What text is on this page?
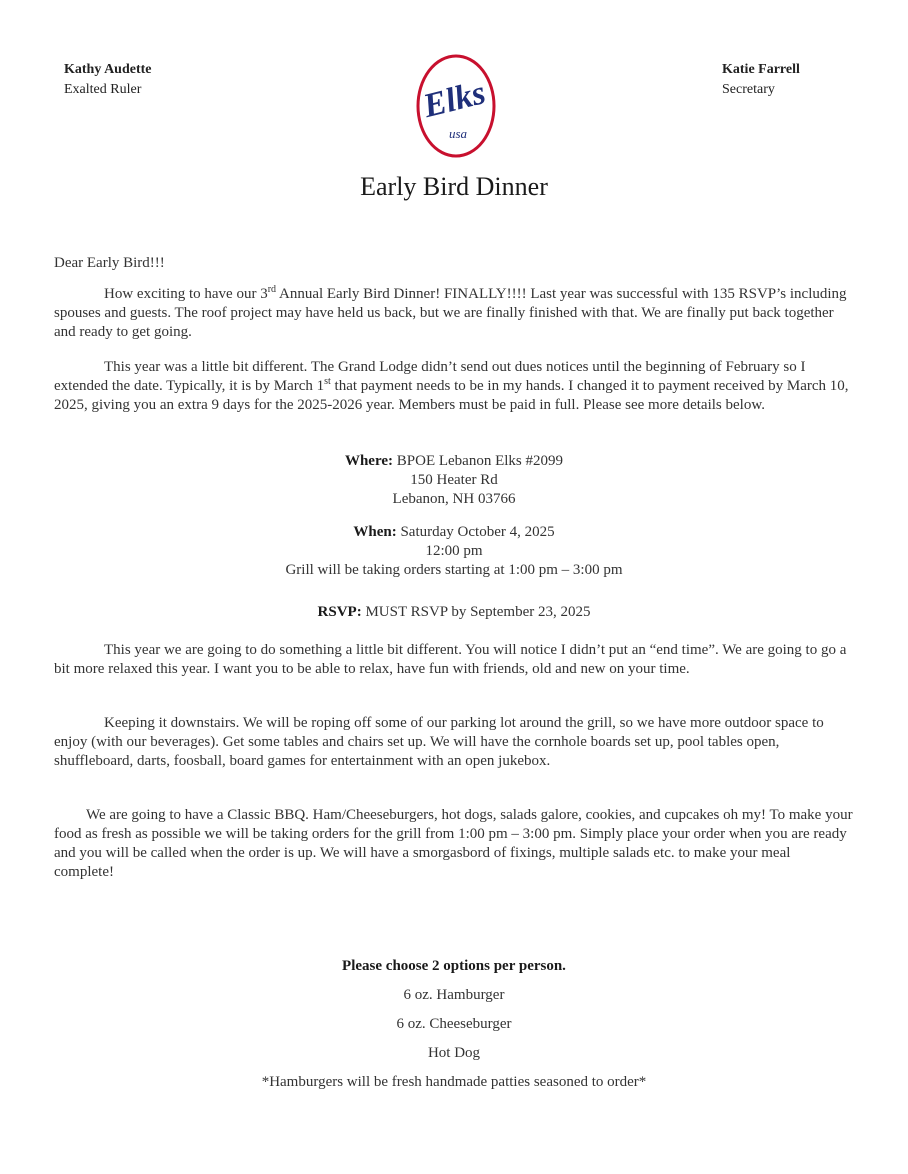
Kathy Audette
Exalted Ruler	Elks
usa
Katie Farrell
Secretary
Early Bird Dinner
Dear Early Bird!!!

How exciting to have our 3rd Annual Early Bird Dinner! FINALLY!!!! Last year was successful with 135 RSVP’s including spouses and guests. The roof project may have held us back, but we are finally finished with that. We are finally put back together and ready to get going.

This year was a little bit different. The Grand Lodge didn’t send out dues notices until the beginning of February so I extended the date. Typically, it is by March 1st that payment needs to be in my hands. I changed it to payment received by March 10, 2025, giving you an extra 9 days for the 2025-2026 year. Members must be paid in full. Please see more details below.

Where: BPOE Lebanon Elks #2099
150 Heater Rd
Lebanon, NH 03766
When: Saturday October 4, 2025
12:00 pm
Grill will be taking orders starting at 1:00 pm – 3:00 pm
RSVP: MUST RSVP by September 23, 2025

This year we are going to do something a little bit different. You will notice I didn’t put an “end time”. We are going to go a bit more relaxed this year. I want you to be able to relax, have fun with friends, old and new on your time.

Keeping it downstairs. We will be roping off some of our parking lot around the grill, so we have more outdoor space to enjoy (with our beverages). Get some tables and chairs set up. We will have the cornhole boards set up, pool tables open, shuffleboard, darts, foosball, board games for entertainment with an open jukebox.

We are going to have a Classic BBQ. Ham/Cheeseburgers, hot dogs, salads galore, cookies, and cupcakes oh my! To make your food as fresh as possible we will be taking orders for the grill from 1:00 pm – 3:00 pm. Simply place your order when you are ready and you will be called when the order is up. We will have a smorgasbord of fixings, multiple salads etc. to make your meal complete!

Please choose 2 options per person.
6 oz. Hamburger
6 oz. Cheeseburger
Hot Dog
*Hamburgers will be fresh handmade patties seasoned to order*
